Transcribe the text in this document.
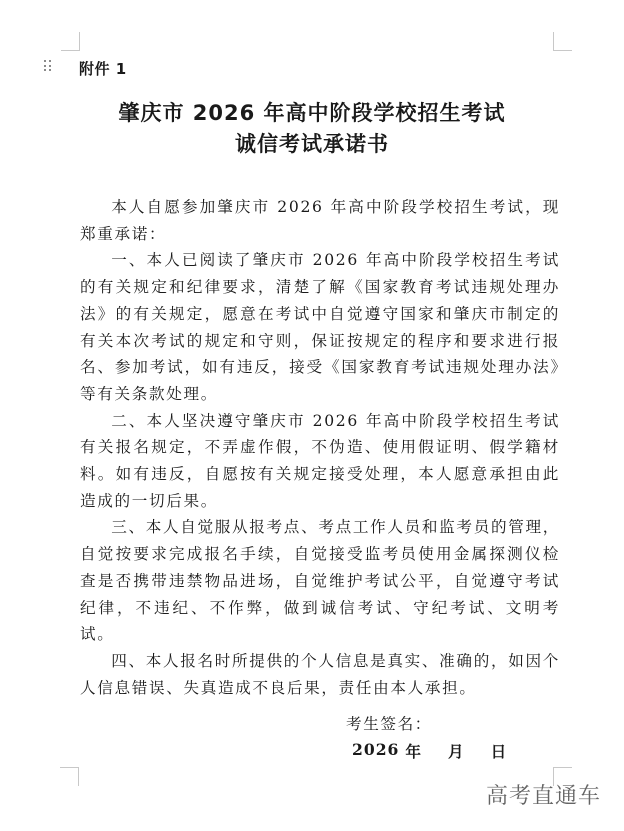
附件 1
肇庆市 2026 年高中阶段学校招生考试
诚信考试承诺书

本人自愿参加肇庆市 2026 年高中阶段学校招生考试，现郑重承诺：

一、本人已阅读了肇庆市 2026 年高中阶段学校招生考试的有关规定和纪律要求，清楚了解《国家教育考试违规处理办法》的有关规定，愿意在考试中自觉遵守国家和肇庆市制定的有关本次考试的规定和守则，保证按规定的程序和要求进行报名、参加考试，如有违反，接受《国家教育考试违规处理办法》等有关条款处理。

二、本人坚决遵守肇庆市 2026 年高中阶段学校招生考试有关报名规定，不弄虚作假，不伪造、使用假证明、假学籍材料。如有违反，自愿按有关规定接受处理，本人愿意承担由此造成的一切后果。

三、本人自觉服从报考点、考点工作人员和监考员的管理，自觉按要求完成报名手续，自觉接受监考员使用金属探测仪检查是否携带违禁物品进场，自觉维护考试公平，自觉遵守考试纪律，不违纪、不作弊，做到诚信考试、守纪考试、文明考试。

四、本人报名时所提供的个人信息是真实、准确的，如因个人信息错误、失真造成不良后果，责任由本人承担。

考生签名：
2026 年 月 日
高考直通车
